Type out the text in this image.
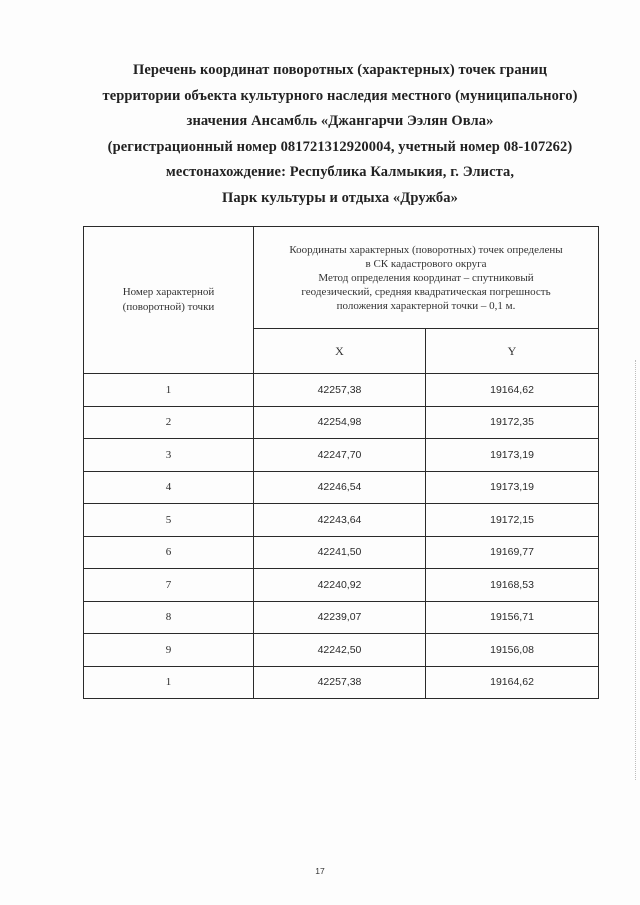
Перечень координат поворотных (характерных) точек границ
территории объекта культурного наследия местного (муниципального)
значения Ансамбль «Джангарчи Ээлян Овла»
(регистрационный номер 081721312920004, учетный номер 08-107262)
местонахождение: Республика Калмыкия, г. Элиста,
Парк культуры и отдыха «Дружба»
Номер характерной
(поворотной) точки	Координаты характерных (поворотных) точек определены
в СК кадастрового округа
Метод определения координат – спутниковый
геодезический, средняя квадратическая погрешность
положения характерной точки – 0,1 м.	

	X	Y
1	42257,38	19164,62
2	42254,98	19172,35
3	42247,70	19173,19
4	42246,54	19173,19
5	42243,64	19172,15
6	42241,50	19169,77
7	42240,92	19168,53
8	42239,07	19156,71
9	42242,50	19156,08
1	42257,38	19164,62
17
